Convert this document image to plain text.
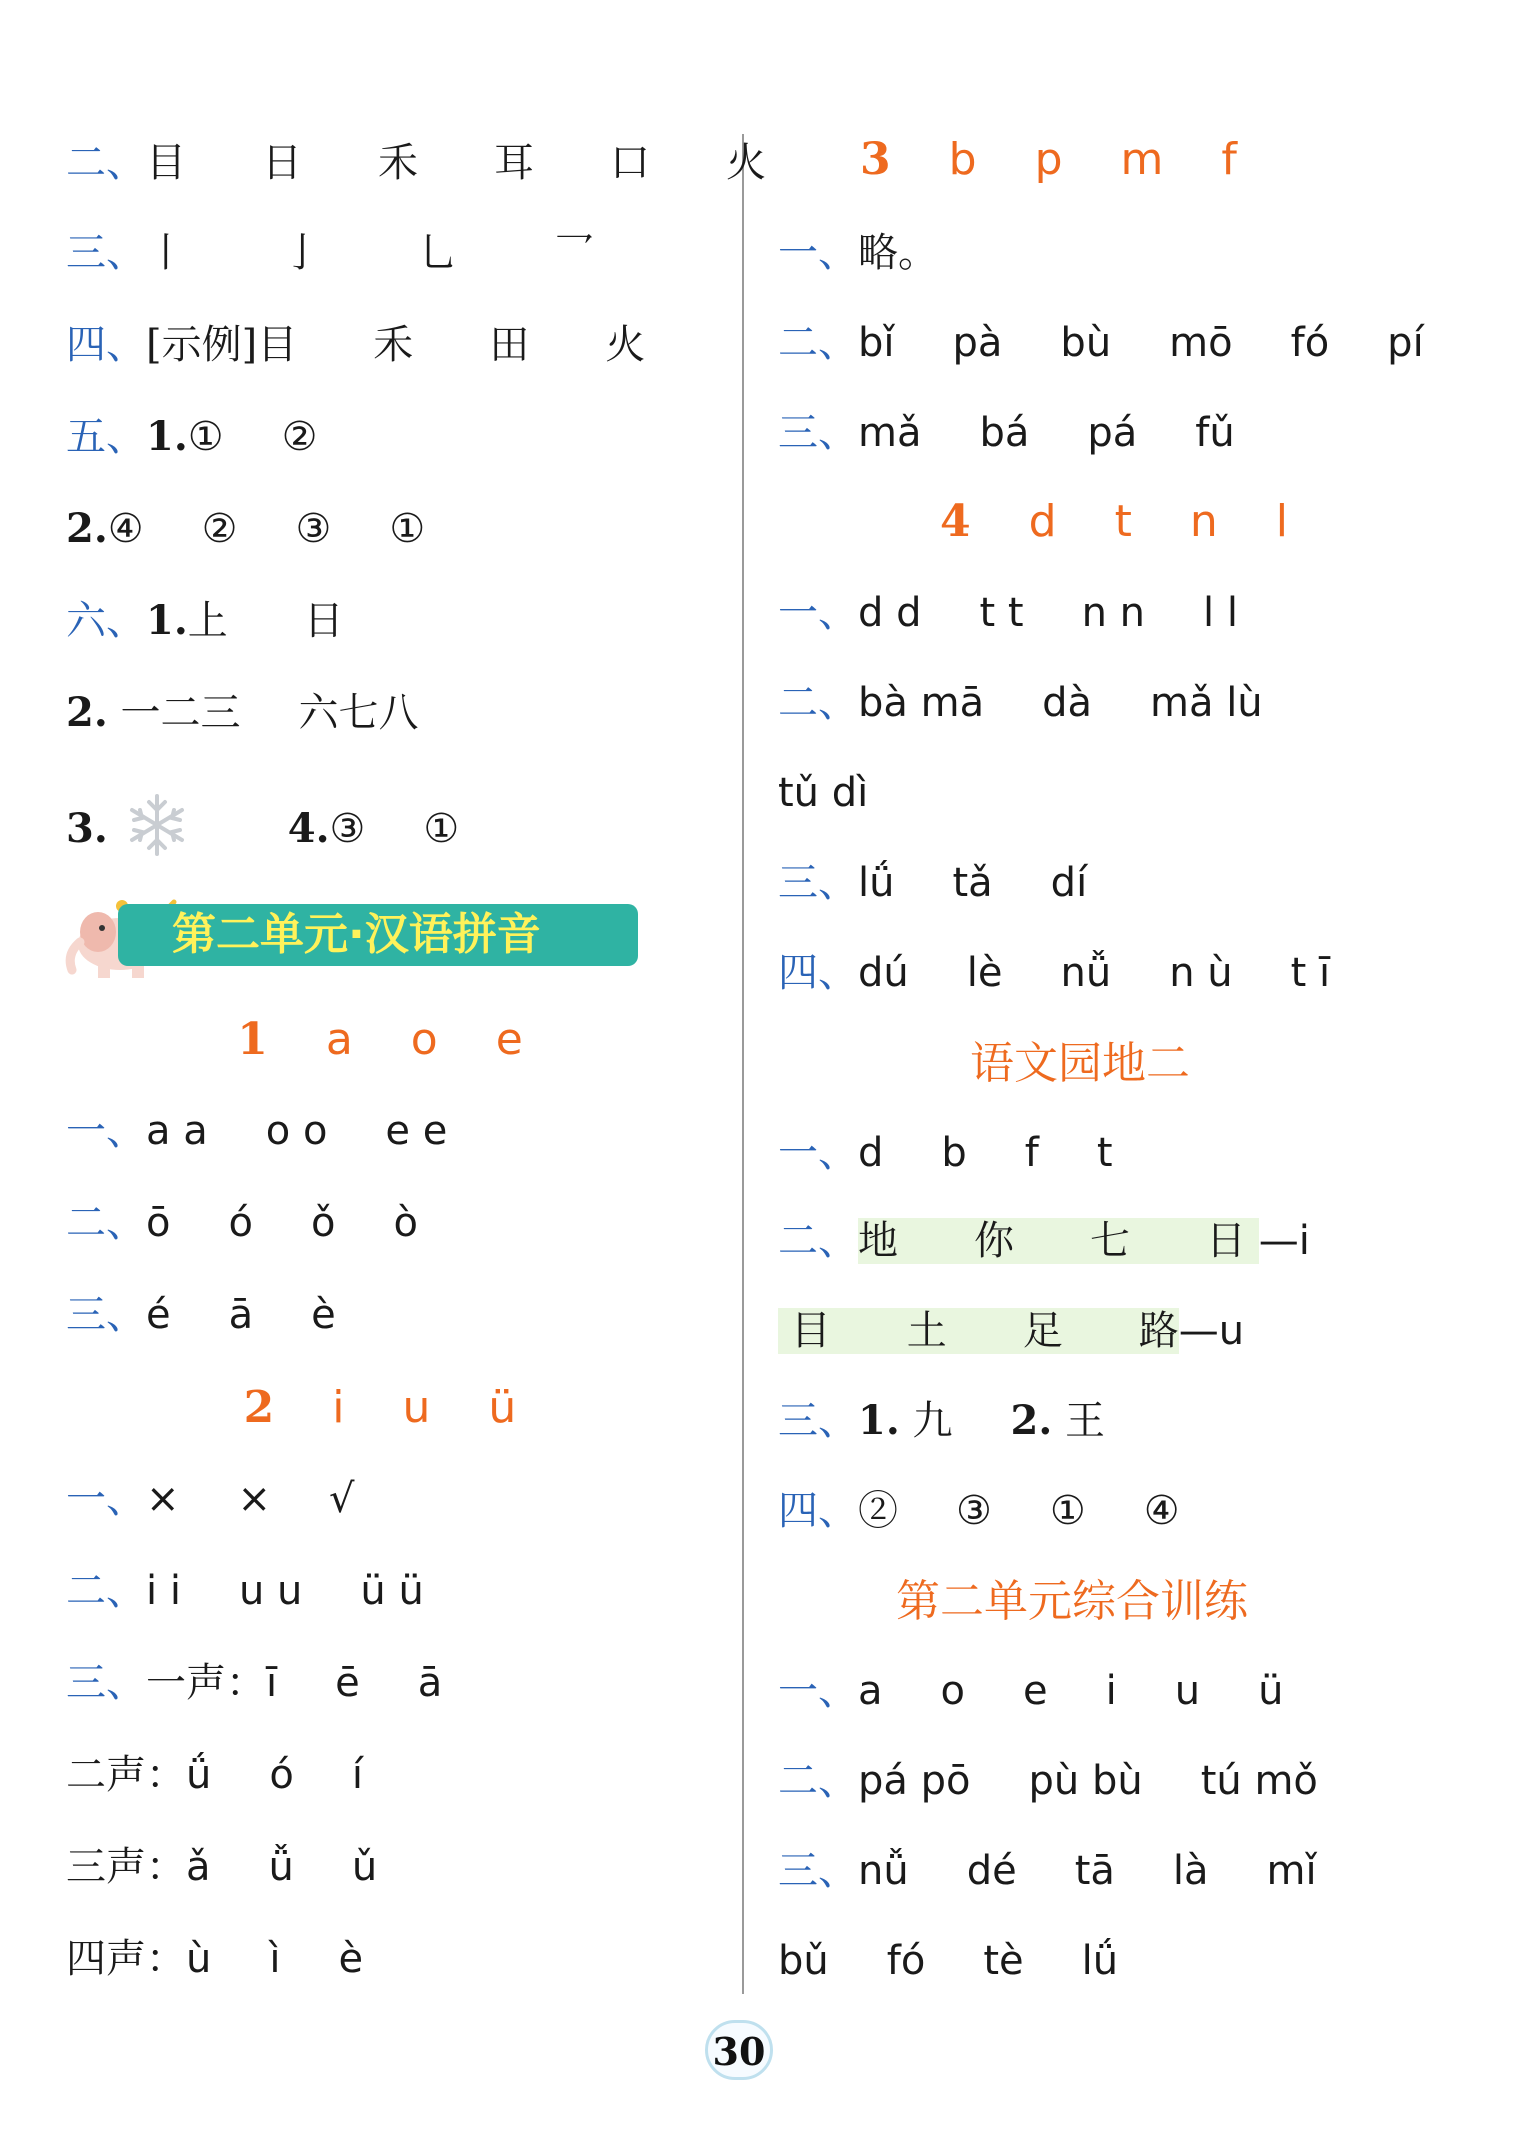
二、目 日 禾 耳 口 火
三、丨 亅 乚 乛
四、[示例]目 禾 田 火
五、1.① ②
2.④ ② ③ ①
六、1.上 日
2. 一二三 六七八
3.	4.③ ①
第二单元·汉语拼音
1 a o e
一、a a o o e e
二、ō ó ǒ ò
三、é ā è
2 i u ü
一、× × √
二、i i u u ü ü
三、一声：ī ē ā
二声：ǘ ó í
三声：ǎ ǚ ǔ
四声：ù ì è
3 b p m f
一、略。
二、bǐ pà bù mō fó pí
三、mǎ bá pá fǔ
4 d t n l
一、d d t t n n l l
二、bà mā dà mǎ lù
tǔ dì
三、lǘ tǎ dí
四、dú lè nǚ n ù t ī
语文园地二
一、d b f t
二、地 你 七 日 —i
目 土 足 路—u
三、1. 九 2. 王
四、② ③ ① ④
第二单元综合训练
一、a o e i u ü
二、pá pō pù bù tú mǒ
三、nǚ dé tā là mǐ
bǔ fó tè lǘ
30
